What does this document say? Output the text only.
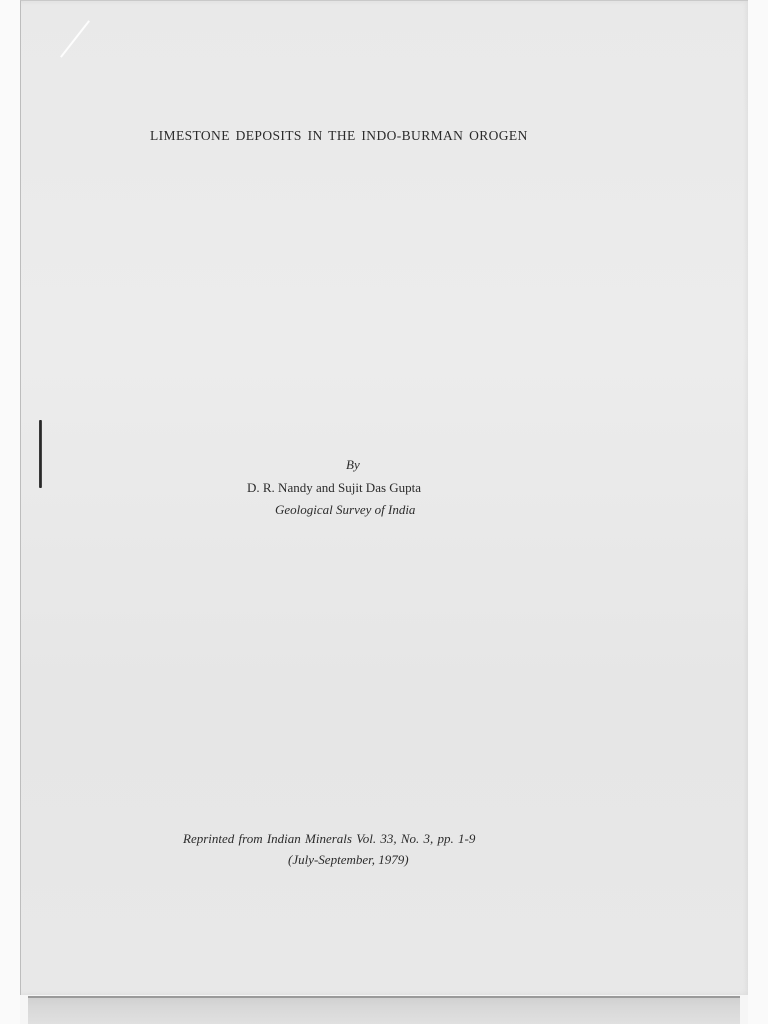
LIMESTONE DEPOSITS IN THE INDO-BURMAN OROGEN
By
D. R. Nandy and Sujit Das Gupta
Geological Survey of India
Reprinted from Indian Minerals Vol. 33, No. 3, pp. 1-9
(July-September, 1979)
